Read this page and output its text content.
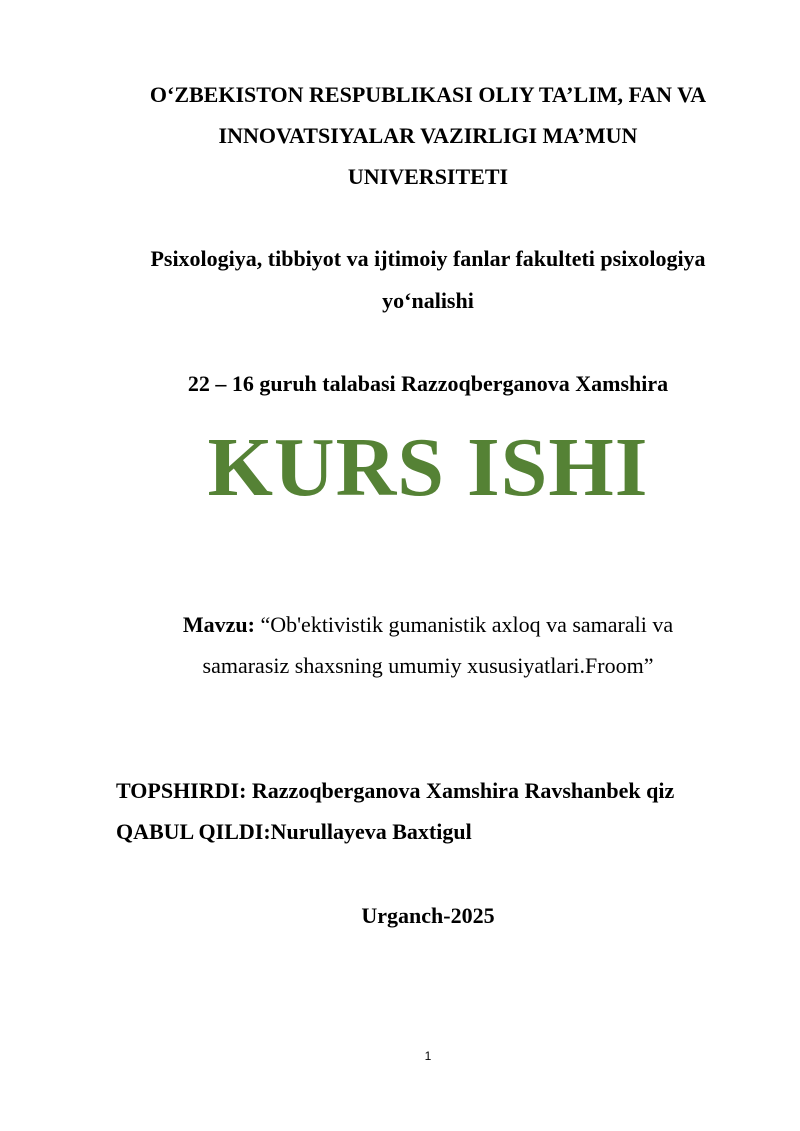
O‘ZBEKISTON RESPUBLIKASI OLIY TA’LIM, FAN VA
INNOVATSIYALAR VAZIRLIGI MA’MUN
UNIVERSITETI
Psixologiya, tibbiyot va ijtimoiy fanlar fakulteti psixologiya
yo‘nalishi
22 – 16 guruh talabasi Razzoqberganova Xamshira
KURS ISHI
Mavzu: “Ob'ektivistik gumanistik axloq va samarali va
samarasiz shaxsning umumiy xususiyatlari.Froom”
TOPSHIRDI: Razzoqberganova Xamshira Ravshanbek qiz
QABUL QILDI:Nurullayeva Baxtigul
Urganch-2025
1
